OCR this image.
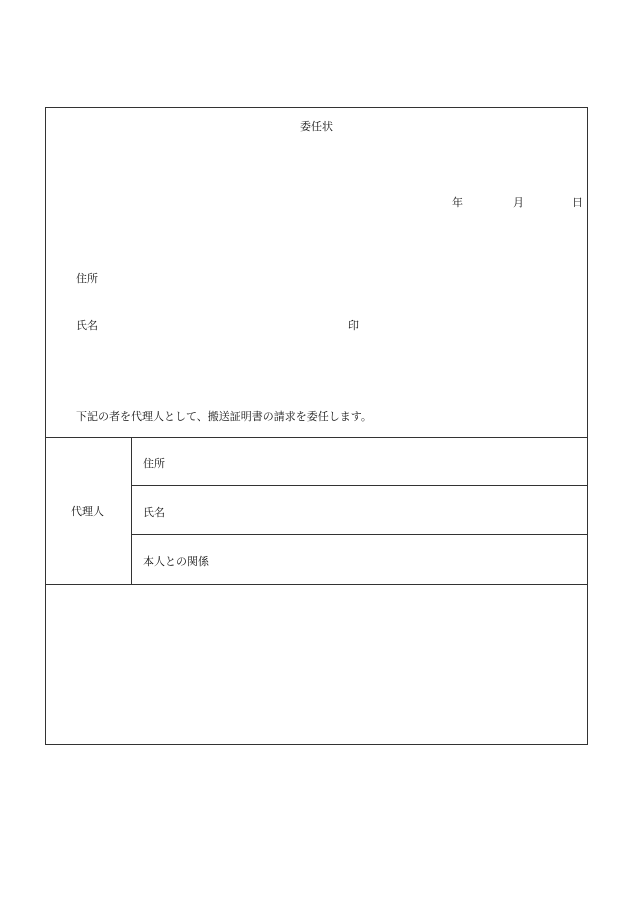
委任状
年	月	日
住所
氏名	印
下記の者を代理人として、搬送証明書の請求を委任します。
代理人
住所
氏名
本人との関係
